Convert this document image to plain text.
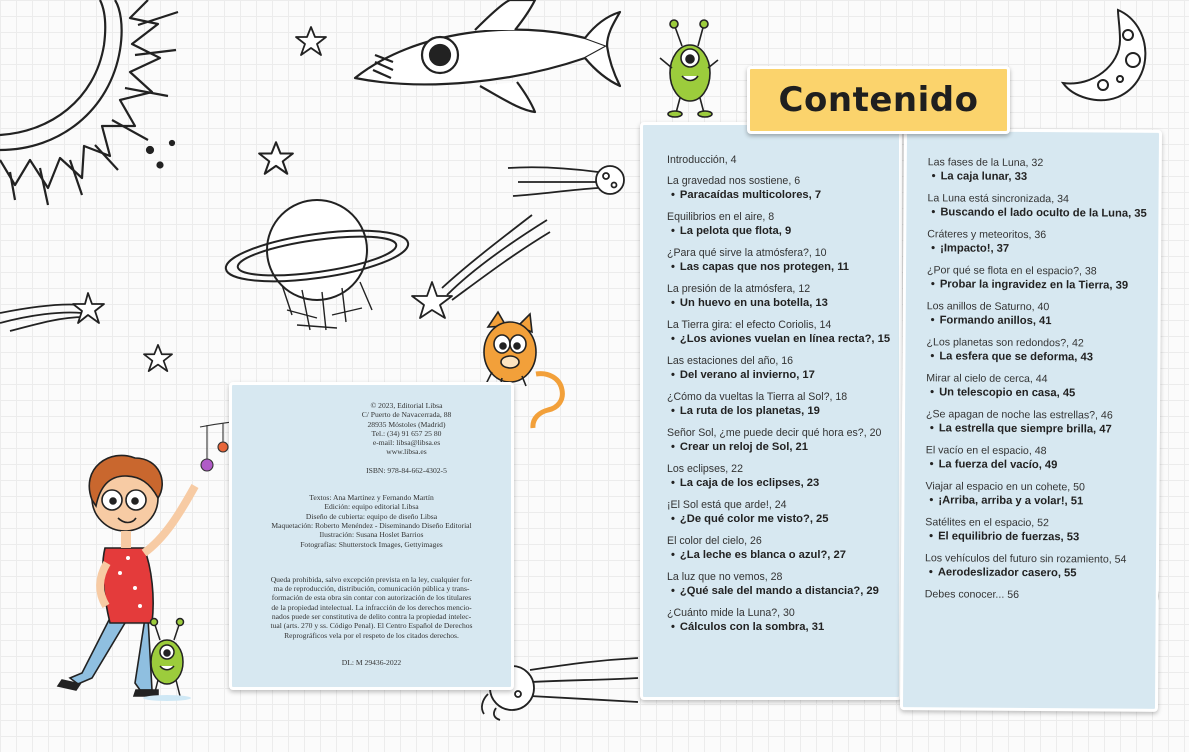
© 2023, Editorial Libsa
C/ Puerto de Navacerrada, 88
28935 Móstoles (Madrid)
Tel.: (34) 91 657 25 80
e-mail: libsa@libsa.es
www.libsa.es
ISBN: 978-84-662-4302-5
Textos: Ana Martínez y Fernando Martín
Edición: equipo editorial Libsa
Diseño de cubierta: equipo de diseño Libsa
Maquetación: Roberto Menéndez - Diseminando Diseño Editorial
Ilustración: Susana Hoslet Barrios
Fotografías: Shutterstock Images, Gettyimages
Queda prohibida, salvo excepción prevista en la ley, cualquier for-
ma de reproducción, distribución, comunicación pública y trans-
formación de esta obra sin contar con autorización de los titulares
de la propiedad intelectual. La infracción de los derechos mencio-
nados puede ser constitutiva de delito contra la propiedad intelec-
tual (arts. 270 y ss. Código Penal). El Centro Español de Derechos
Reprográficos vela por el respeto de los citados derechos.
DL: M 29436-2022
Contenido
Introducción, 4
La gravedad nos sostiene, 6
• Paracaídas multicolores, 7
Equilibrios en el aire, 8
• La pelota que flota, 9
¿Para qué sirve la atmósfera?, 10
• Las capas que nos protegen, 11
La presión de la atmósfera, 12
• Un huevo en una botella, 13
La Tierra gira: el efecto Coriolis, 14
• ¿Los aviones vuelan en línea recta?, 15
Las estaciones del año, 16
• Del verano al invierno, 17
¿Cómo da vueltas la Tierra al Sol?, 18
• La ruta de los planetas, 19
Señor Sol, ¿me puede decir qué hora es?, 20
• Crear un reloj de Sol, 21
Los eclipses, 22
• La caja de los eclipses, 23
¡El Sol está que arde!, 24
• ¿De qué color me visto?, 25
El color del cielo, 26
• ¿La leche es blanca o azul?, 27
La luz que no vemos, 28
• ¿Qué sale del mando a distancia?, 29
¿Cuánto mide la Luna?, 30
• Cálculos con la sombra, 31
Las fases de la Luna, 32
• La caja lunar, 33
La Luna está sincronizada, 34
• Buscando el lado oculto de la Luna, 35
Cráteres y meteoritos, 36
• ¡Impacto!, 37
¿Por qué se flota en el espacio?, 38
• Probar la ingravidez en la Tierra, 39
Los anillos de Saturno, 40
• Formando anillos, 41
¿Los planetas son redondos?, 42
• La esfera que se deforma, 43
Mirar al cielo de cerca, 44
• Un telescopio en casa, 45
¿Se apagan de noche las estrellas?, 46
• La estrella que siempre brilla, 47
El vacío en el espacio, 48
• La fuerza del vacío, 49
Viajar al espacio en un cohete, 50
• ¡Arriba, arriba y a volar!, 51
Satélites en el espacio, 52
• El equilibrio de fuerzas, 53
Los vehículos del futuro sin rozamiento, 54
• Aerodeslizador casero, 55
Debes conocer... 56
